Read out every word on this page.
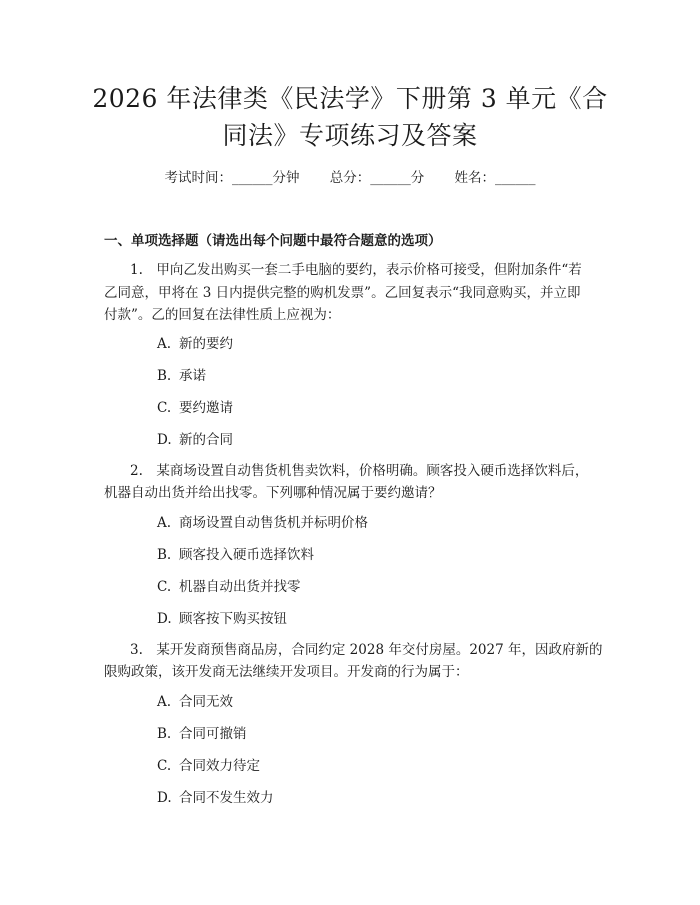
2026 年法律类《民法学》下册第 3 单元《合
同法》专项练习及答案
考试时间：______分钟 总分：______分 姓名：______
一、单项选择题（请选出每个问题中最符合题意的选项）
1.　甲向乙发出购买一套二手电脑的要约，表示价格可接受，但附加条件“若
乙同意，甲将在 3 日内提供完整的购机发票”。乙回复表示“我同意购买，并立即
付款”。乙的回复在法律性质上应视为：
A. 新的要约
B. 承诺
C. 要约邀请
D. 新的合同
2.　某商场设置自动售货机售卖饮料，价格明确。顾客投入硬币选择饮料后，
机器自动出货并给出找零。下列哪种情况属于要约邀请？
A. 商场设置自动售货机并标明价格
B. 顾客投入硬币选择饮料
C. 机器自动出货并找零
D. 顾客按下购买按钮
3.　某开发商预售商品房，合同约定 2028 年交付房屋。2027 年，因政府新的
限购政策，该开发商无法继续开发项目。开发商的行为属于：
A. 合同无效
B. 合同可撤销
C. 合同效力待定
D. 合同不发生效力
